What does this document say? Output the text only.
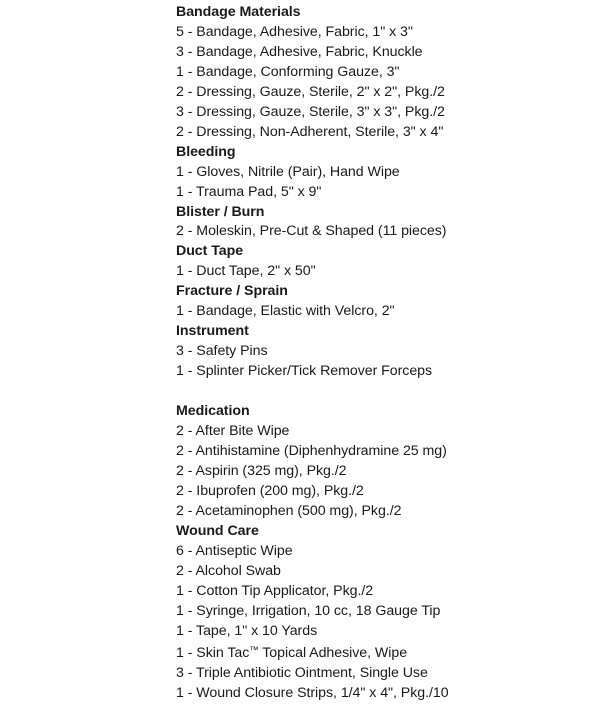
Bandage Materials
5 - Bandage, Adhesive, Fabric, 1" x 3"
3 - Bandage, Adhesive, Fabric, Knuckle
1 - Bandage, Conforming Gauze, 3"
2 - Dressing, Gauze, Sterile, 2" x 2", Pkg./2
3 - Dressing, Gauze, Sterile, 3" x 3", Pkg./2
2 - Dressing, Non-Adherent, Sterile, 3" x 4"
Bleeding
1 - Gloves, Nitrile (Pair), Hand Wipe
1 - Trauma Pad, 5" x 9"
Blister / Burn
2 - Moleskin, Pre-Cut & Shaped (11 pieces)
Duct Tape
1 - Duct Tape, 2" x 50"
Fracture / Sprain
1 - Bandage, Elastic with Velcro, 2"
Instrument
3 - Safety Pins
1 - Splinter Picker/Tick Remover Forceps
Medication
2 - After Bite Wipe
2 - Antihistamine (Diphenhydramine 25 mg)
2 - Aspirin (325 mg), Pkg./2
2 - Ibuprofen (200 mg), Pkg./2
2 - Acetaminophen (500 mg), Pkg./2
Wound Care
6 - Antiseptic Wipe
2 - Alcohol Swab
1 - Cotton Tip Applicator, Pkg./2
1 - Syringe, Irrigation, 10 cc, 18 Gauge Tip
1 - Tape, 1" x 10 Yards
1 - Skin Tac™ Topical Adhesive, Wipe
3 - Triple Antibiotic Ointment, Single Use
1 - Wound Closure Strips, 1/4" x 4", Pkg./10
